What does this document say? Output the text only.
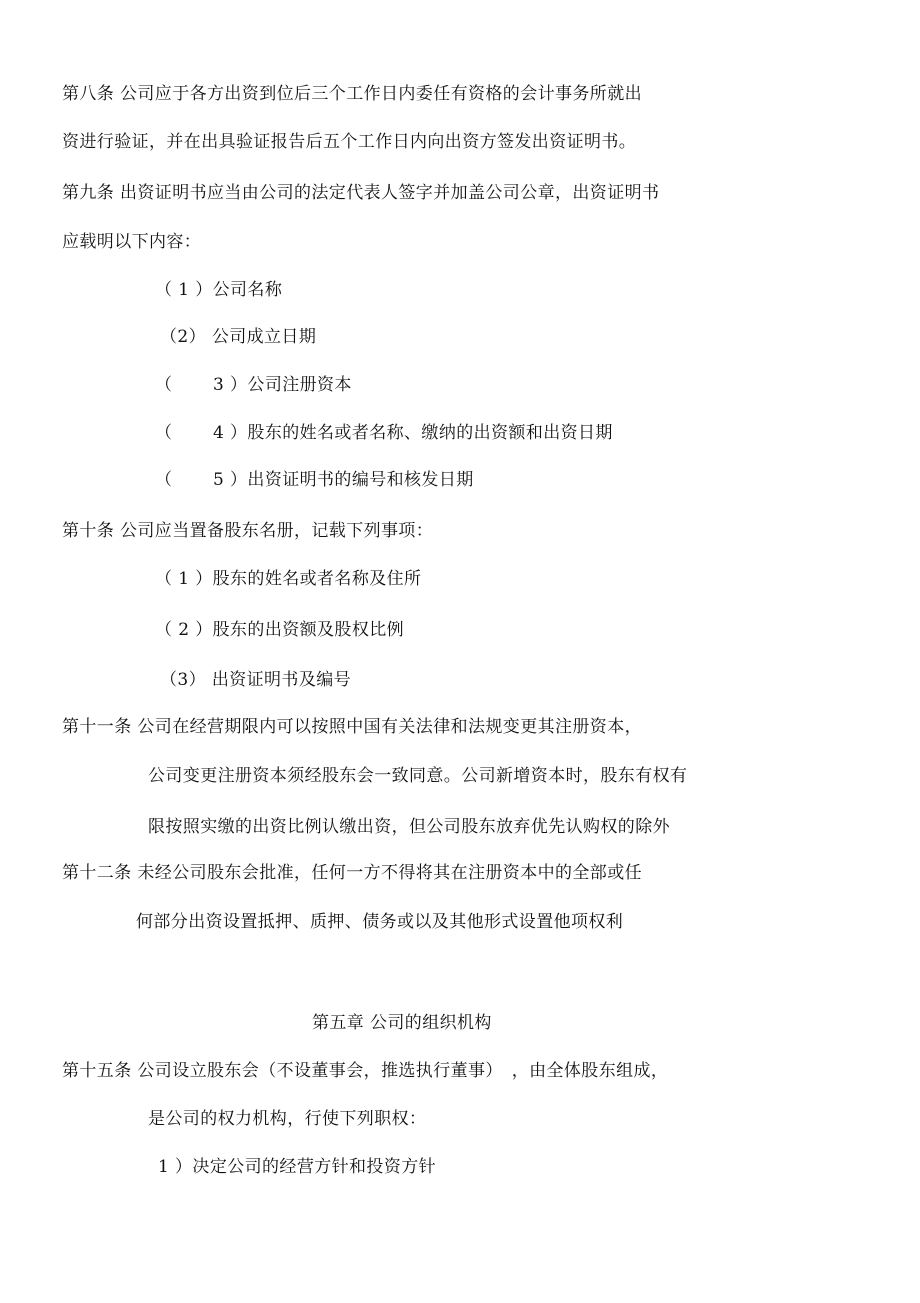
第八条 公司应于各方出资到位后三个工作日内委任有资格的会计事务所就出
资进行验证，并在出具验证报告后五个工作日内向出资方签发出资证明书。
第九条 出资证明书应当由公司的法定代表人签字并加盖公司公章，出资证明书
应载明以下内容：
（ 1 ）公司名称
（2） 公司成立日期
（　　 3 ）公司注册资本
（　　 4 ）股东的姓名或者名称、缴纳的出资额和出资日期
（　　 5 ）出资证明书的编号和核发日期
第十条 公司应当置备股东名册，记载下列事项：
（ 1 ）股东的姓名或者名称及住所
（ 2 ）股东的出资额及股权比例
（3） 出资证明书及编号
第十一条 公司在经营期限内可以按照中国有关法律和法规变更其注册资本，
公司变更注册资本须经股东会一致同意。公司新增资本时，股东有权有
限按照实缴的出资比例认缴出资，但公司股东放弃优先认购权的除外
第十二条 未经公司股东会批准，任何一方不得将其在注册资本中的全部或任
何部分出资设置抵押、质押、债务或以及其他形式设置他项权利
第五章 公司的组织机构
第十五条 公司设立股东会（不设董事会，推选执行董事）　，由全体股东组成，
是公司的权力机构，行使下列职权：
1 ）决定公司的经营方针和投资方针
